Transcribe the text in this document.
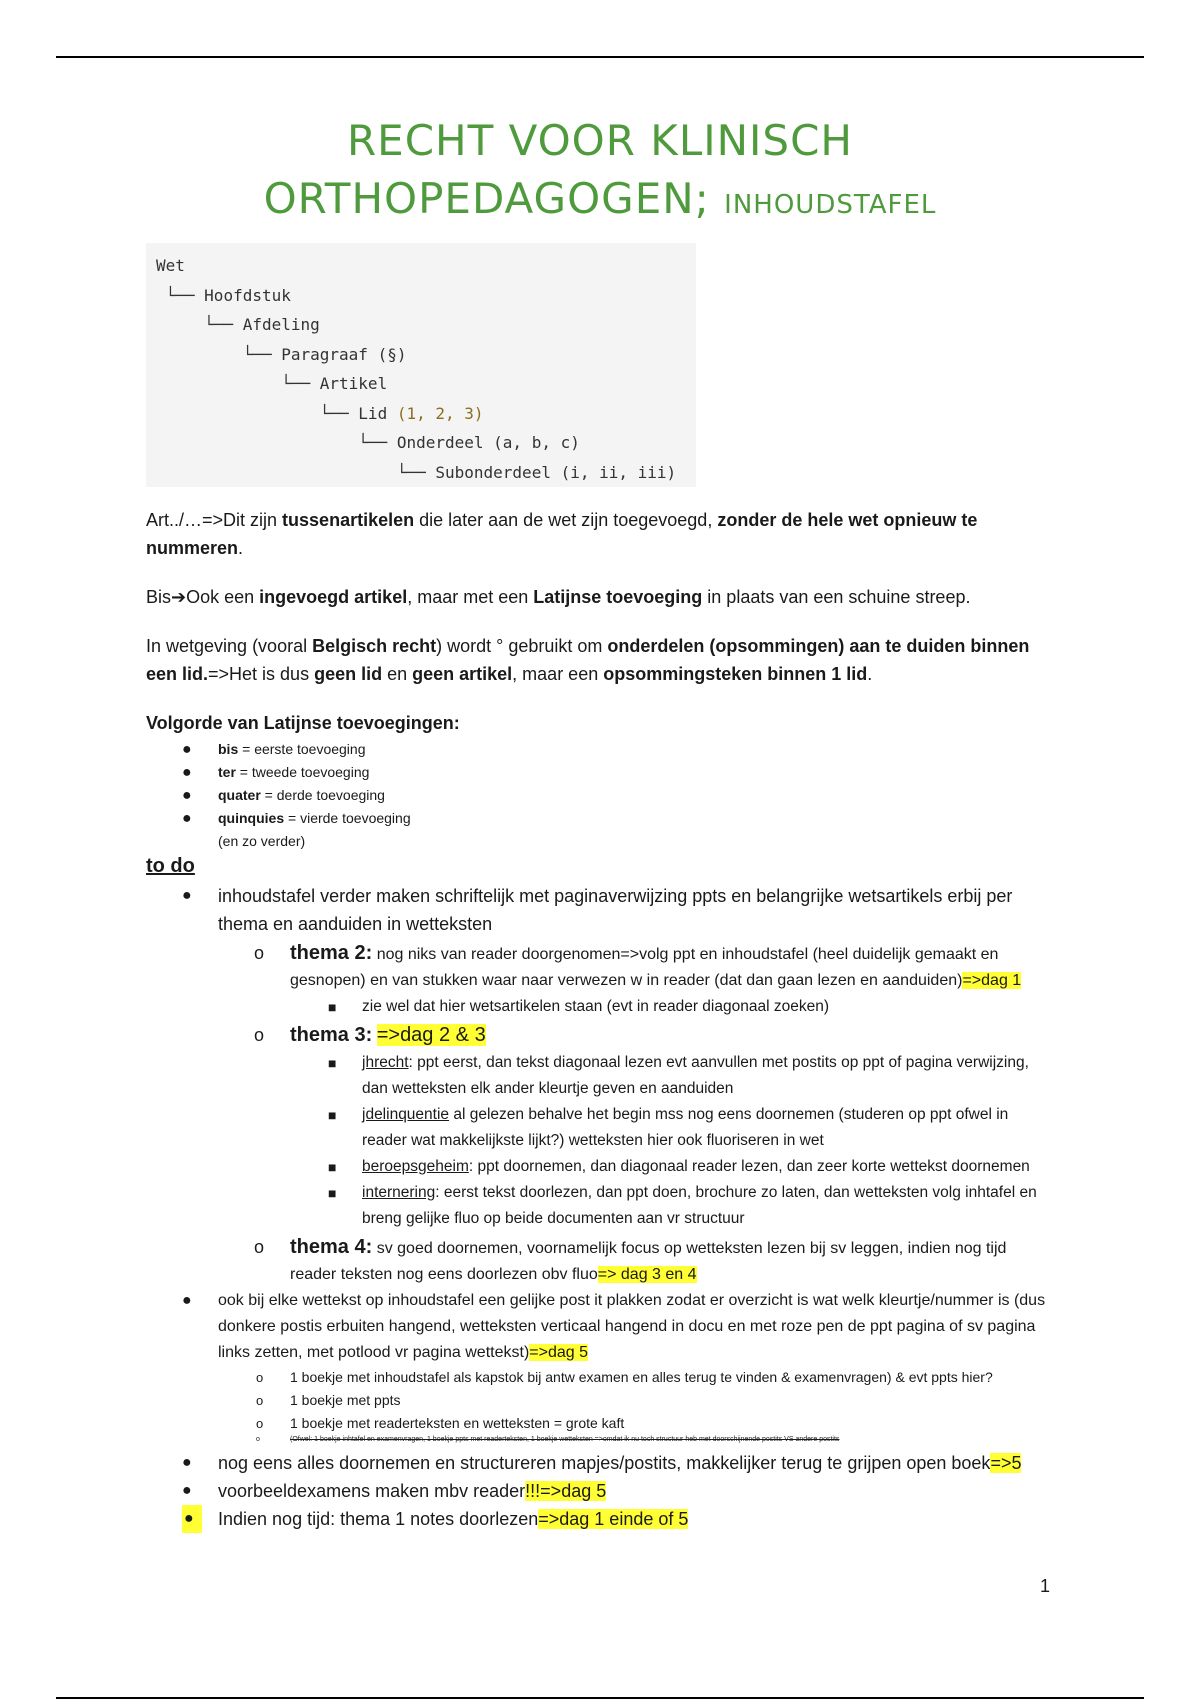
RECHT VOOR KLINISCH
ORTHOPEDAGOGEN; INHOUDSTAFEL
Wet
└── Hoofdstuk
└── Afdeling
└── Paragraaf (§)
└── Artikel
└── Lid (1, 2, 3)
└── Onderdeel (a, b, c)
└── Subonderdeel (i, ii, iii)

Art../…=>Dit zijn tussenartikelen die later aan de wet zijn toegevoegd, zonder de hele wet opnieuw te nummeren.

Bis➔Ook een ingevoegd artikel, maar met een Latijnse toevoeging in plaats van een schuine streep.

In wetgeving (vooral Belgisch recht) wordt ° gebruikt om onderdelen (opsommingen) aan te duiden binnen een lid.=>Het is dus geen lid en geen artikel, maar een opsommingsteken binnen 1 lid.

Volgorde van Latijnse toevoegingen:

● bis = eerste toevoeging
● ter = tweede toevoeging
● quater = derde toevoeging
● quinquies = vierde toevoeging
(en zo verder)

to do

● inhoudstafel verder maken schriftelijk met paginaverwijzing ppts en belangrijke wetsartikels erbij per thema en aanduiden in wetteksten
o thema 2: nog niks van reader doorgenomen=>volg ppt en inhoudstafel (heel duidelijk gemaakt en gesnopen) en van stukken waar naar verwezen w in reader (dat dan gaan lezen en aanduiden)=>dag 1
■ zie wel dat hier wetsartikelen staan (evt in reader diagonaal zoeken)
o thema 3: =>dag 2 & 3
■ jhrecht: ppt eerst, dan tekst diagonaal lezen evt aanvullen met postits op ppt of pagina verwijzing, dan wetteksten elk ander kleurtje geven en aanduiden
■ jdelinquentie al gelezen behalve het begin mss nog eens doornemen (studeren op ppt ofwel in reader wat makkelijkste lijkt?) wetteksten hier ook fluoriseren in wet
■ beroepsgeheim: ppt doornemen, dan diagonaal reader lezen, dan zeer korte wettekst doornemen
■ internering: eerst tekst doorlezen, dan ppt doen, brochure zo laten, dan wetteksten volg inhtafel en breng gelijke fluo op beide documenten aan vr structuur
o thema 4: sv goed doornemen, voornamelijk focus op wetteksten lezen bij sv leggen, indien nog tijd reader teksten nog eens doorlezen obv fluo=> dag 3 en 4
● ook bij elke wettekst op inhoudstafel een gelijke post it plakken zodat er overzicht is wat welk kleurtje/nummer is (dus donkere postis erbuiten hangend, wetteksten verticaal hangend in docu en met roze pen de ppt pagina of sv pagina links zetten, met potlood vr pagina wettekst)=>dag 5
o 1 boekje met inhoudstafel als kapstok bij antw examen en alles terug te vinden & examenvragen) & evt ppts hier?
o 1 boekje met ppts
o 1 boekje met readerteksten en wetteksten = grote kaft
o	(Ofwel: 1 boekje inhtafel en examenvragen, 1 boekje ppts met readerteksten, 1 boekje wetteksten =>omdat ik nu toch structuur heb met doorschijnende postits VS andere postits
● nog eens alles doornemen en structureren mapjes/postits, makkelijker terug te grijpen open boek=>5
● voorbeeldexamens maken mbv reader!!!=>dag 5
●	Indien nog tijd: thema 1 notes doorlezen=>dag 1 einde of 5
1
